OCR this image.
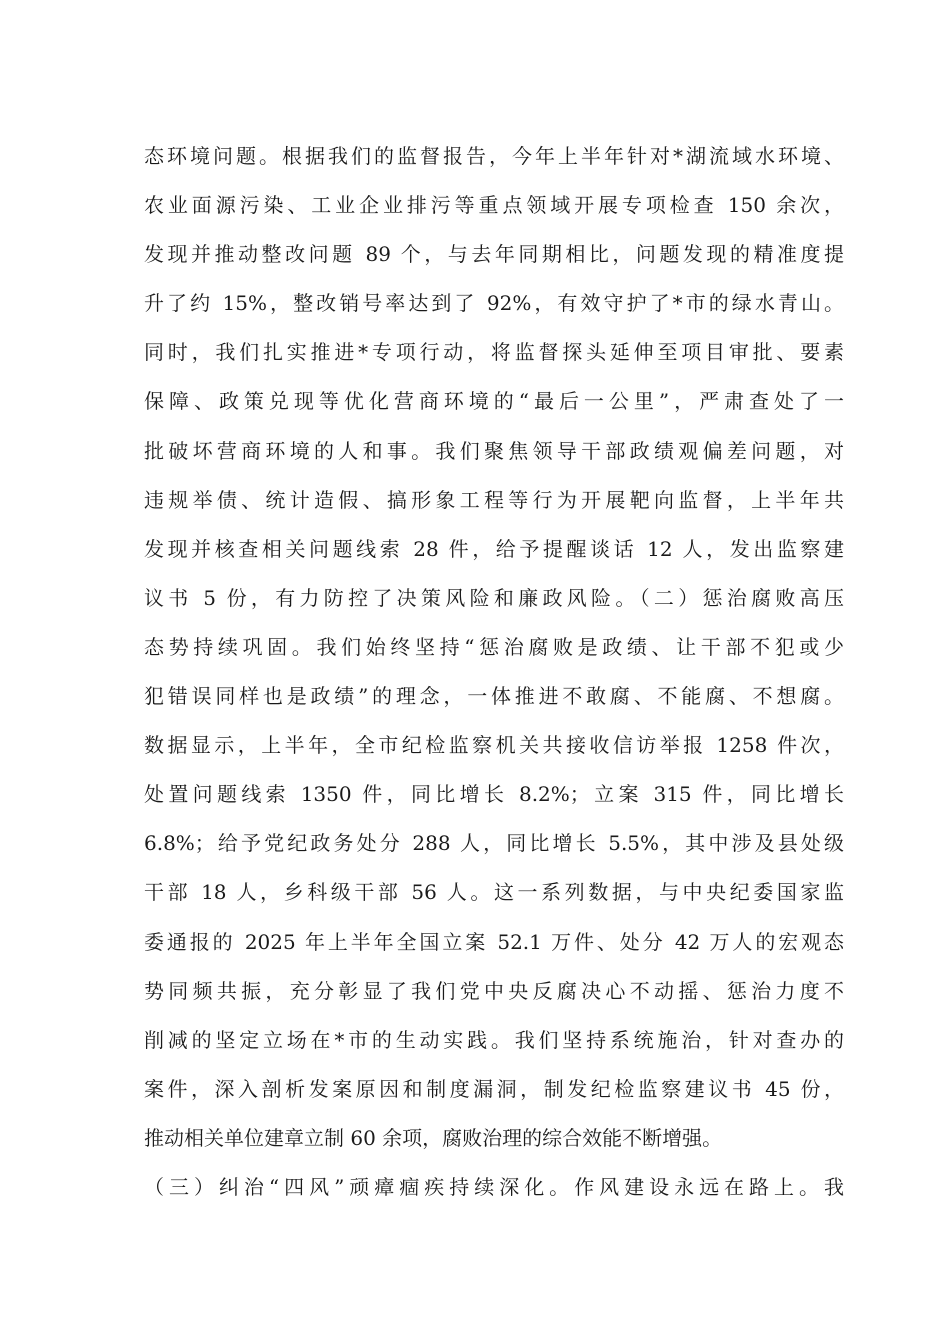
态环境问题。根据我们的监督报告，今年上半年针对*湖流域水环境、
农业面源污染、工业企业排污等重点领域开展专项检查 150 余次，
发现并推动整改问题 89 个，与去年同期相比，问题发现的精准度提
升了约 15%，整改销号率达到了 92%，有效守护了*市的绿水青山。
同时，我们扎实推进*专项行动，将监督探头延伸至项目审批、要素
保障、政策兑现等优化营商环境的“最后一公里”，严肃查处了一
批破坏营商环境的人和事。我们聚焦领导干部政绩观偏差问题，对
违规举债、统计造假、搞形象工程等行为开展靶向监督，上半年共
发现并核查相关问题线索 28 件，给予提醒谈话 12 人，发出监察建
议书 5 份，有力防控了决策风险和廉政风险。（二）惩治腐败高压
态势持续巩固。我们始终坚持“惩治腐败是政绩、让干部不犯或少
犯错误同样也是政绩”的理念，一体推进不敢腐、不能腐、不想腐。
数据显示，上半年，全市纪检监察机关共接收信访举报 1258 件次，
处置问题线索 1350 件，同比增长 8.2%；立案 315 件，同比增长
6.8%；给予党纪政务处分 288 人，同比增长 5.5%，其中涉及县处级
干部 18 人，乡科级干部 56 人。这一系列数据，与中央纪委国家监
委通报的 2025 年上半年全国立案 52.1 万件、处分 42 万人的宏观态
势同频共振，充分彰显了我们党中央反腐决心不动摇、惩治力度不
削减的坚定立场在*市的生动实践。我们坚持系统施治，针对查办的
案件，深入剖析发案原因和制度漏洞，制发纪检监察建议书 45 份，
推动相关单位建章立制 60 余项，腐败治理的综合效能不断增强。
（三）纠治“四风”顽瘴痼疾持续深化。作风建设永远在路上。我
